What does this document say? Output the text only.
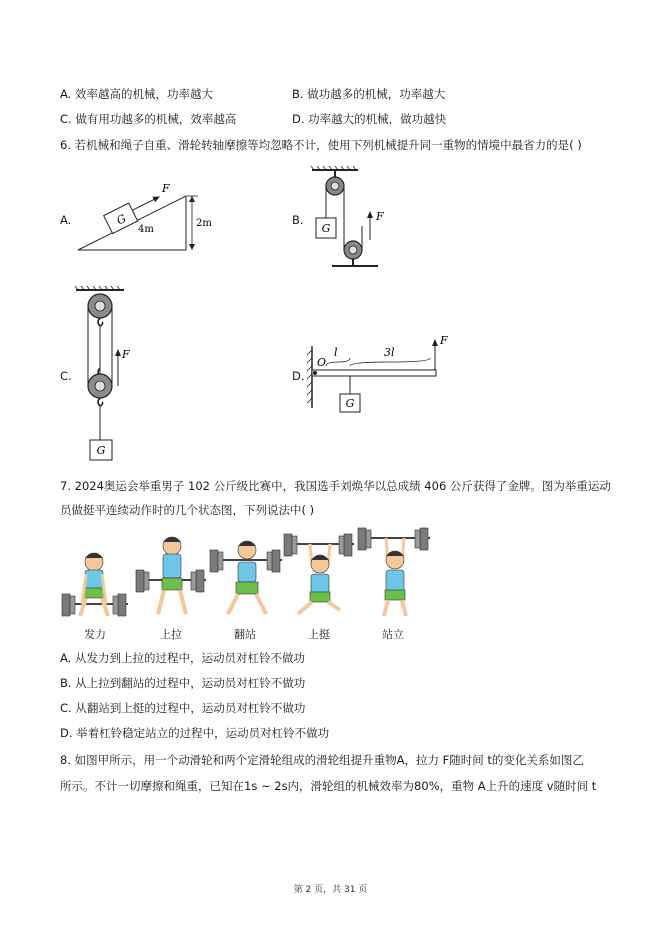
A. 效率越高的机械，功率越大	B. 做功越多的机械，功率越大
C. 做有用功越多的机械，效率越高	D. 功率越大的机械，做功越快
6. 若机械和绳子自重、滑轮转轴摩擦等均忽略不计，使用下列机械提升同一重物的情境中最省力的是( )
A.	G
F
4m
2m	B.
G
F
C.
G
F
D.
O
l	3l
G
F
7. 2024奥运会举重男子 102 公斤级比赛中，我国选手刘焕华以总成绩 406 公斤获得了金牌。图为举重运动
员做挺平连续动作时的几个状态图，下列说法中( )
发力	上拉	翻站	上挺	站立
A. 从发力到上拉的过程中，运动员对杠铃不做功
B. 从上拉到翻站的过程中，运动员对杠铃不做功
C. 从翻站到上挺的过程中，运动员对杠铃不做功
D. 举着杠铃稳定站立的过程中，运动员对杠铃不做功
8. 如图甲所示，用一个动滑轮和两个定滑轮组成的滑轮组提升重物A，拉力 F随时间 t的变化关系如图乙
所示。不计一切摩擦和绳重，已知在1s ~ 2s内，滑轮组的机械效率为80%，重物 A上升的速度 v随时间 t
第 2 页，共 31 页
